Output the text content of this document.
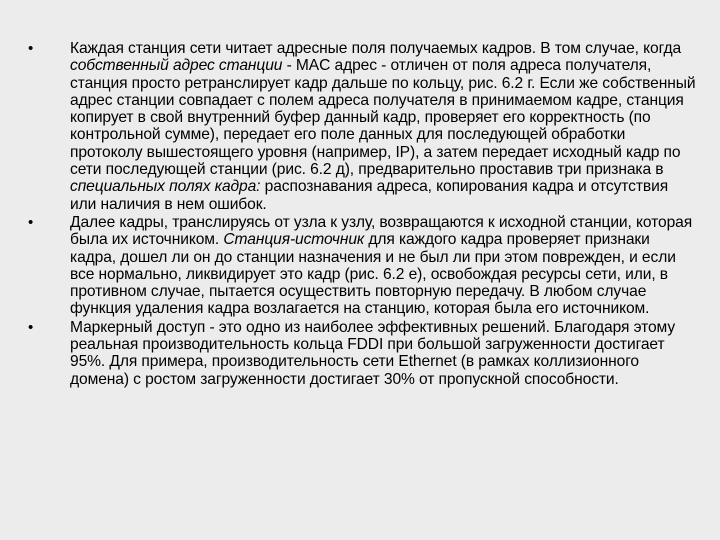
•	Каждая станция сети читает адресные поля получаемых кадров. В том случае, когда собственный адрес станции - MAC адрес - отличен от поля адреса получателя, станция просто ретранслирует кадр дальше по кольцу, рис. 6.2 г. Если же собственный адрес станции совпадает с полем адреса получателя в принимаемом кадре, станция копирует в свой внутренний буфер данный кадр, проверяет его корректность (по контрольной сумме), передает его поле данных для последующей обработки протоколу вышестоящего уровня (например, IP), а затем передает исходный кадр по сети последующей станции (рис. 6.2 д), предварительно проставив три признака в специальных полях кадра: распознавания адреса, копирования кадра и отсутствия или наличия в нем ошибок.
•	Далее кадры, транслируясь от узла к узлу, возвращаются к исходной станции, которая была их источником. Станция-источник для каждого кадра проверяет признаки кадра, дошел ли он до станции назначения и не был ли при этом поврежден, и если все нормально, ликвидирует это кадр (рис. 6.2 е), освобождая ресурсы сети, или, в противном случае, пытается осуществить повторную передачу. В любом случае функция удаления кадра возлагается на станцию, которая была его источником.
•	Маркерный доступ - это одно из наиболее эффективных решений. Благодаря этому реальная производительность кольца FDDI при большой загруженности достигает 95%. Для примера, производительность сети Ethernet (в рамках коллизионного домена) с ростом загруженности достигает 30% от пропускной способности.
